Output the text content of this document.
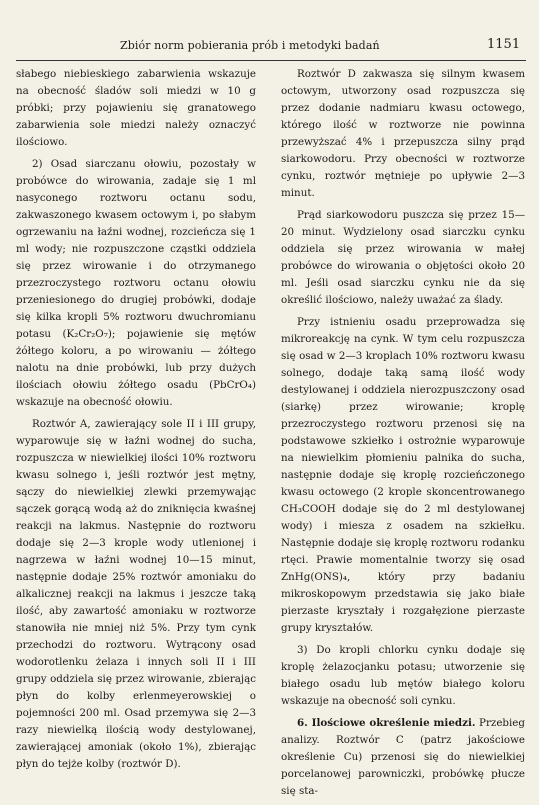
Zbiór norm pobierania prób i metodyki badań	1151

słabego niebieskiego zabarwienia wskazuje na obecność śladów soli miedzi w 10 g próbki; przy pojawieniu się granatowego zabarwienia sole miedzi należy oznaczyć ilościowo.

2) Osad siarczanu ołowiu, pozostały w probówce do wirowania, zadaje się 1 ml nasyconego roztworu octanu sodu, zakwaszonego kwasem octowym i, po słabym ogrzewaniu na łaźni wodnej, rozcieńcza się 1 ml wody; nie rozpuszczone cząstki oddziela się przez wirowanie i do otrzymanego przezroczystego roztworu octanu ołowiu przeniesionego do drugiej probówki, dodaje się kilka kropli 5% roztworu dwuchromianu potasu (K₂Cr₂O₇); pojawienie się mętów żółtego koloru, a po wirowaniu — żółtego nalotu na dnie probówki, lub przy dużych ilościach ołowiu żółtego osadu (PbCrO₄) wskazuje na obecność ołowiu.

Roztwór A, zawierający sole II i III grupy, wyparowuje się w łaźni wodnej do sucha, rozpuszcza w niewielkiej ilości 10% roztworu kwasu solnego i, jeśli roztwór jest mętny, sączy do niewielkiej zlewki przemywając sączek gorącą wodą aż do zniknięcia kwaśnej reakcji na lakmus. Następnie do roztworu dodaje się 2—3 krople wody utlenionej i nagrzewa w łaźni wodnej 10—15 minut, następnie dodaje 25% roztwór amoniaku do alkalicznej reakcji na lakmus i jeszcze taką ilość, aby zawartość amoniaku w roztworze stanowiła nie mniej niż 5%. Przy tym cynk przechodzi do roztworu. Wytrącony osad wodorotlenku żelaza i innych soli II i III grupy oddziela się przez wirowanie, zbierając płyn do kolby erlenmeyerowskiej o pojemności 200 ml. Osad przemywa się 2—3 razy niewielką ilością wody destylowanej, zawierającej amoniak (około 1%), zbierając płyn do tejże kolby (roztwór D).

Roztwór D zakwasza się silnym kwasem octowym, utworzony osad rozpuszcza się przez dodanie nadmiaru kwasu octowego, którego ilość w roztworze nie powinna przewyższać 4% i przepuszcza silny prąd siarkowodoru. Przy obecności w roztworze cynku, roztwór mętnieje po upływie 2—3 minut.

Prąd siarkowodoru puszcza się przez 15—20 minut. Wydzielony osad siarczku cynku oddziela się przez wirowania w małej probówce do wirowania o objętości około 20 ml. Jeśli osad siarczku cynku nie da się określić ilościowo, należy uważać za ślady.

Przy istnieniu osadu przeprowadza się mikroreakcję na cynk. W tym celu rozpuszcza się osad w 2—3 kroplach 10% roztworu kwasu solnego, dodaje taką samą ilość wody destylowanej i oddziela nierozpuszczony osad (siarkę) przez wirowanie; kroplę przezroczystego roztworu przenosi się na podstawowe szkiełko i ostrożnie wyparowuje na niewielkim płomieniu palnika do sucha, następnie dodaje się kroplę rozcieńczonego kwasu octowego (2 krople skoncentrowanego CH₃COOH dodaje się do 2 ml destylowanej wody) i miesza z osadem na szkiełku. Następnie dodaje się kroplę roztworu rodanku rtęci. Prawie momentalnie tworzy się osad ZnHg(ONS)₄, który przy badaniu mikroskopowym przedstawia się jako białe pierzaste kryształy i rozgałęzione pierzaste grupy kryształów.

3) Do kropli chlorku cynku dodaje się kroplę żelazocjanku potasu; utworzenie się białego osadu lub mętów białego koloru wskazuje na obecność soli cynku.

6. Ilościowe określenie miedzi. Przebieg analizy. Roztwór C (patrz jakościowe określenie Cu) przenosi się do niewielkiej porcelanowej parowniczki, probówkę płucze się sta-
